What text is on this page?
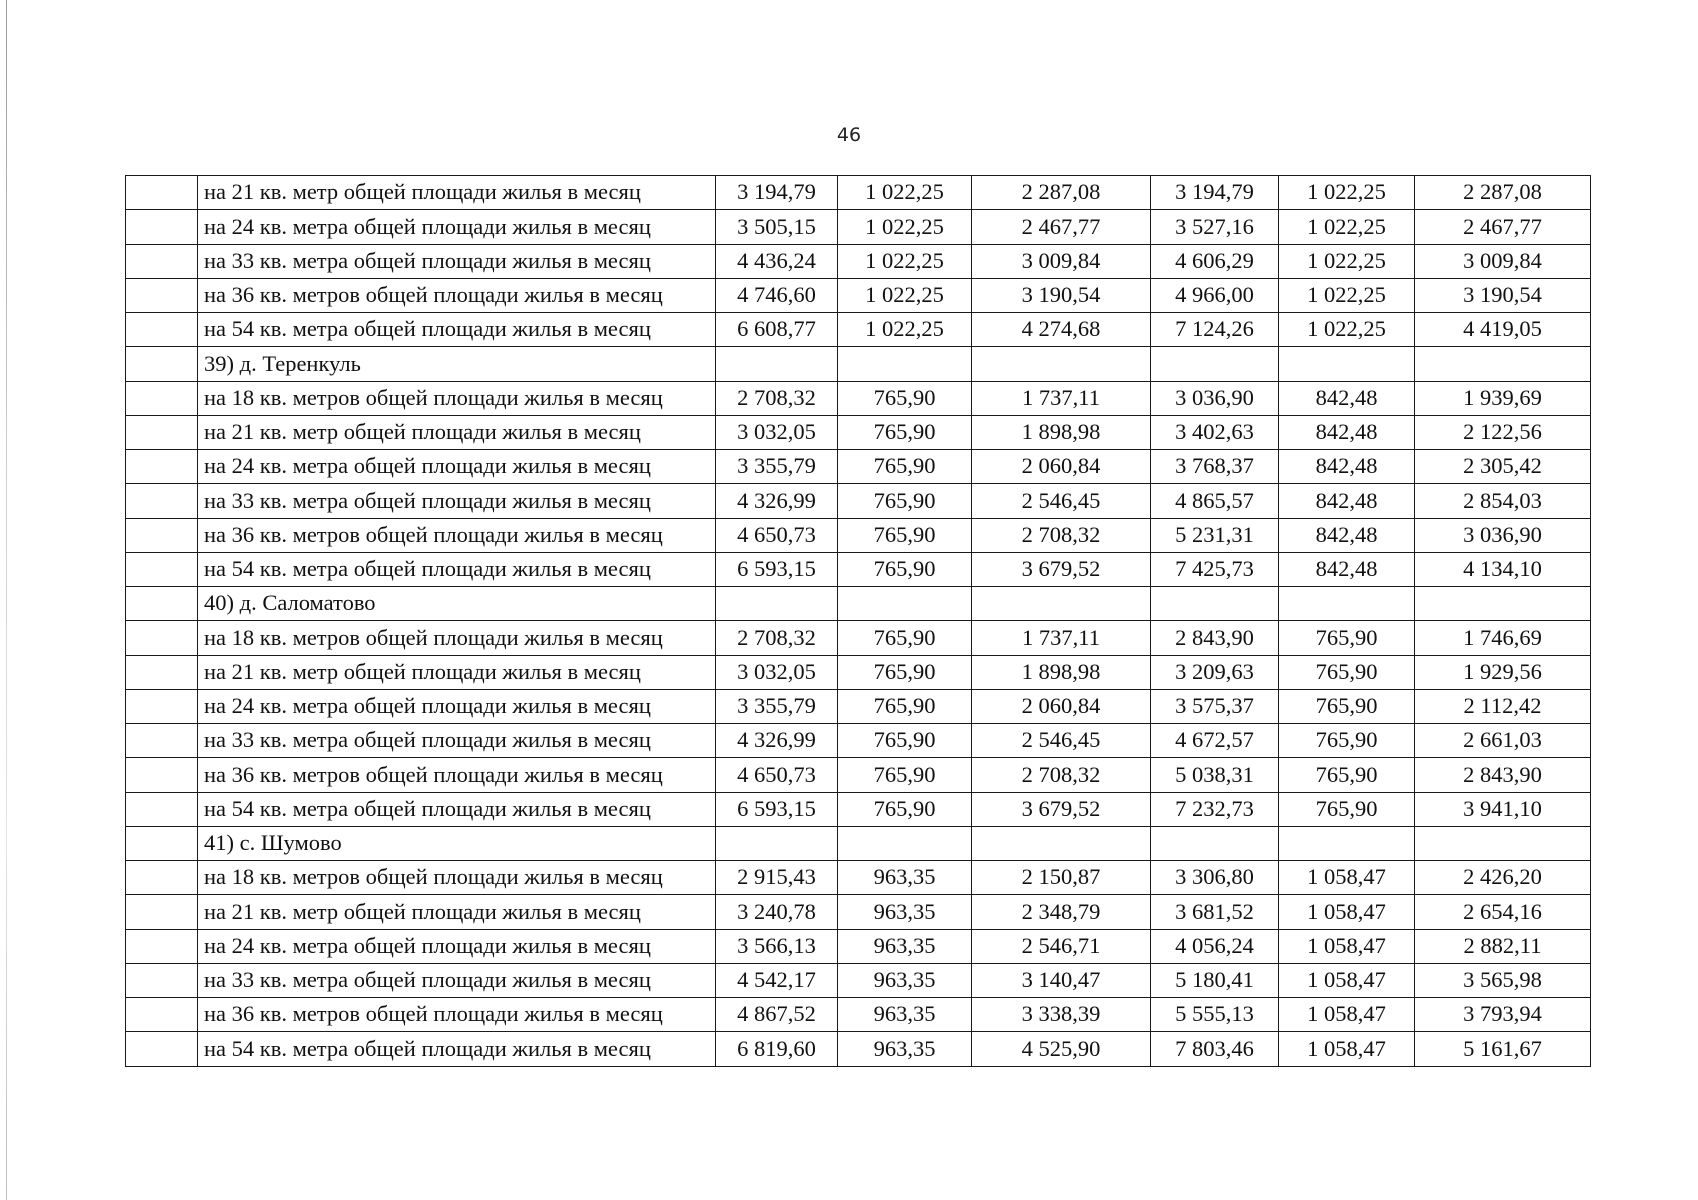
46
	на 21 кв. метр общей площади жилья в месяц	3 194,79	1 022,25	2 287,08	3 194,79	1 022,25	2 287,08
	на 24 кв. метра общей площади жилья в месяц	3 505,15	1 022,25	2 467,77	3 527,16	1 022,25	2 467,77
	на 33 кв. метра общей площади жилья в месяц	4 436,24	1 022,25	3 009,84	4 606,29	1 022,25	3 009,84
	на 36 кв. метров общей площади жилья в месяц	4 746,60	1 022,25	3 190,54	4 966,00	1 022,25	3 190,54
	на 54 кв. метра общей площади жилья в месяц	6 608,77	1 022,25	4 274,68	7 124,26	1 022,25	4 419,05
	39) д. Теренкуль						
	на 18 кв. метров общей площади жилья в месяц	2 708,32	765,90	1 737,11	3 036,90	842,48	1 939,69
	на 21 кв. метр общей площади жилья в месяц	3 032,05	765,90	1 898,98	3 402,63	842,48	2 122,56
	на 24 кв. метра общей площади жилья в месяц	3 355,79	765,90	2 060,84	3 768,37	842,48	2 305,42
	на 33 кв. метра общей площади жилья в месяц	4 326,99	765,90	2 546,45	4 865,57	842,48	2 854,03
	на 36 кв. метров общей площади жилья в месяц	4 650,73	765,90	2 708,32	5 231,31	842,48	3 036,90
	на 54 кв. метра общей площади жилья в месяц	6 593,15	765,90	3 679,52	7 425,73	842,48	4 134,10
	40) д. Саломатово						
	на 18 кв. метров общей площади жилья в месяц	2 708,32	765,90	1 737,11	2 843,90	765,90	1 746,69
	на 21 кв. метр общей площади жилья в месяц	3 032,05	765,90	1 898,98	3 209,63	765,90	1 929,56
	на 24 кв. метра общей площади жилья в месяц	3 355,79	765,90	2 060,84	3 575,37	765,90	2 112,42
	на 33 кв. метра общей площади жилья в месяц	4 326,99	765,90	2 546,45	4 672,57	765,90	2 661,03
	на 36 кв. метров общей площади жилья в месяц	4 650,73	765,90	2 708,32	5 038,31	765,90	2 843,90
	на 54 кв. метра общей площади жилья в месяц	6 593,15	765,90	3 679,52	7 232,73	765,90	3 941,10
	41) с. Шумово						
	на 18 кв. метров общей площади жилья в месяц	2 915,43	963,35	2 150,87	3 306,80	1 058,47	2 426,20
	на 21 кв. метр общей площади жилья в месяц	3 240,78	963,35	2 348,79	3 681,52	1 058,47	2 654,16
	на 24 кв. метра общей площади жилья в месяц	3 566,13	963,35	2 546,71	4 056,24	1 058,47	2 882,11
	на 33 кв. метра общей площади жилья в месяц	4 542,17	963,35	3 140,47	5 180,41	1 058,47	3 565,98
	на 36 кв. метров общей площади жилья в месяц	4 867,52	963,35	3 338,39	5 555,13	1 058,47	3 793,94
	на 54 кв. метра общей площади жилья в месяц	6 819,60	963,35	4 525,90	7 803,46	1 058,47	5 161,67
